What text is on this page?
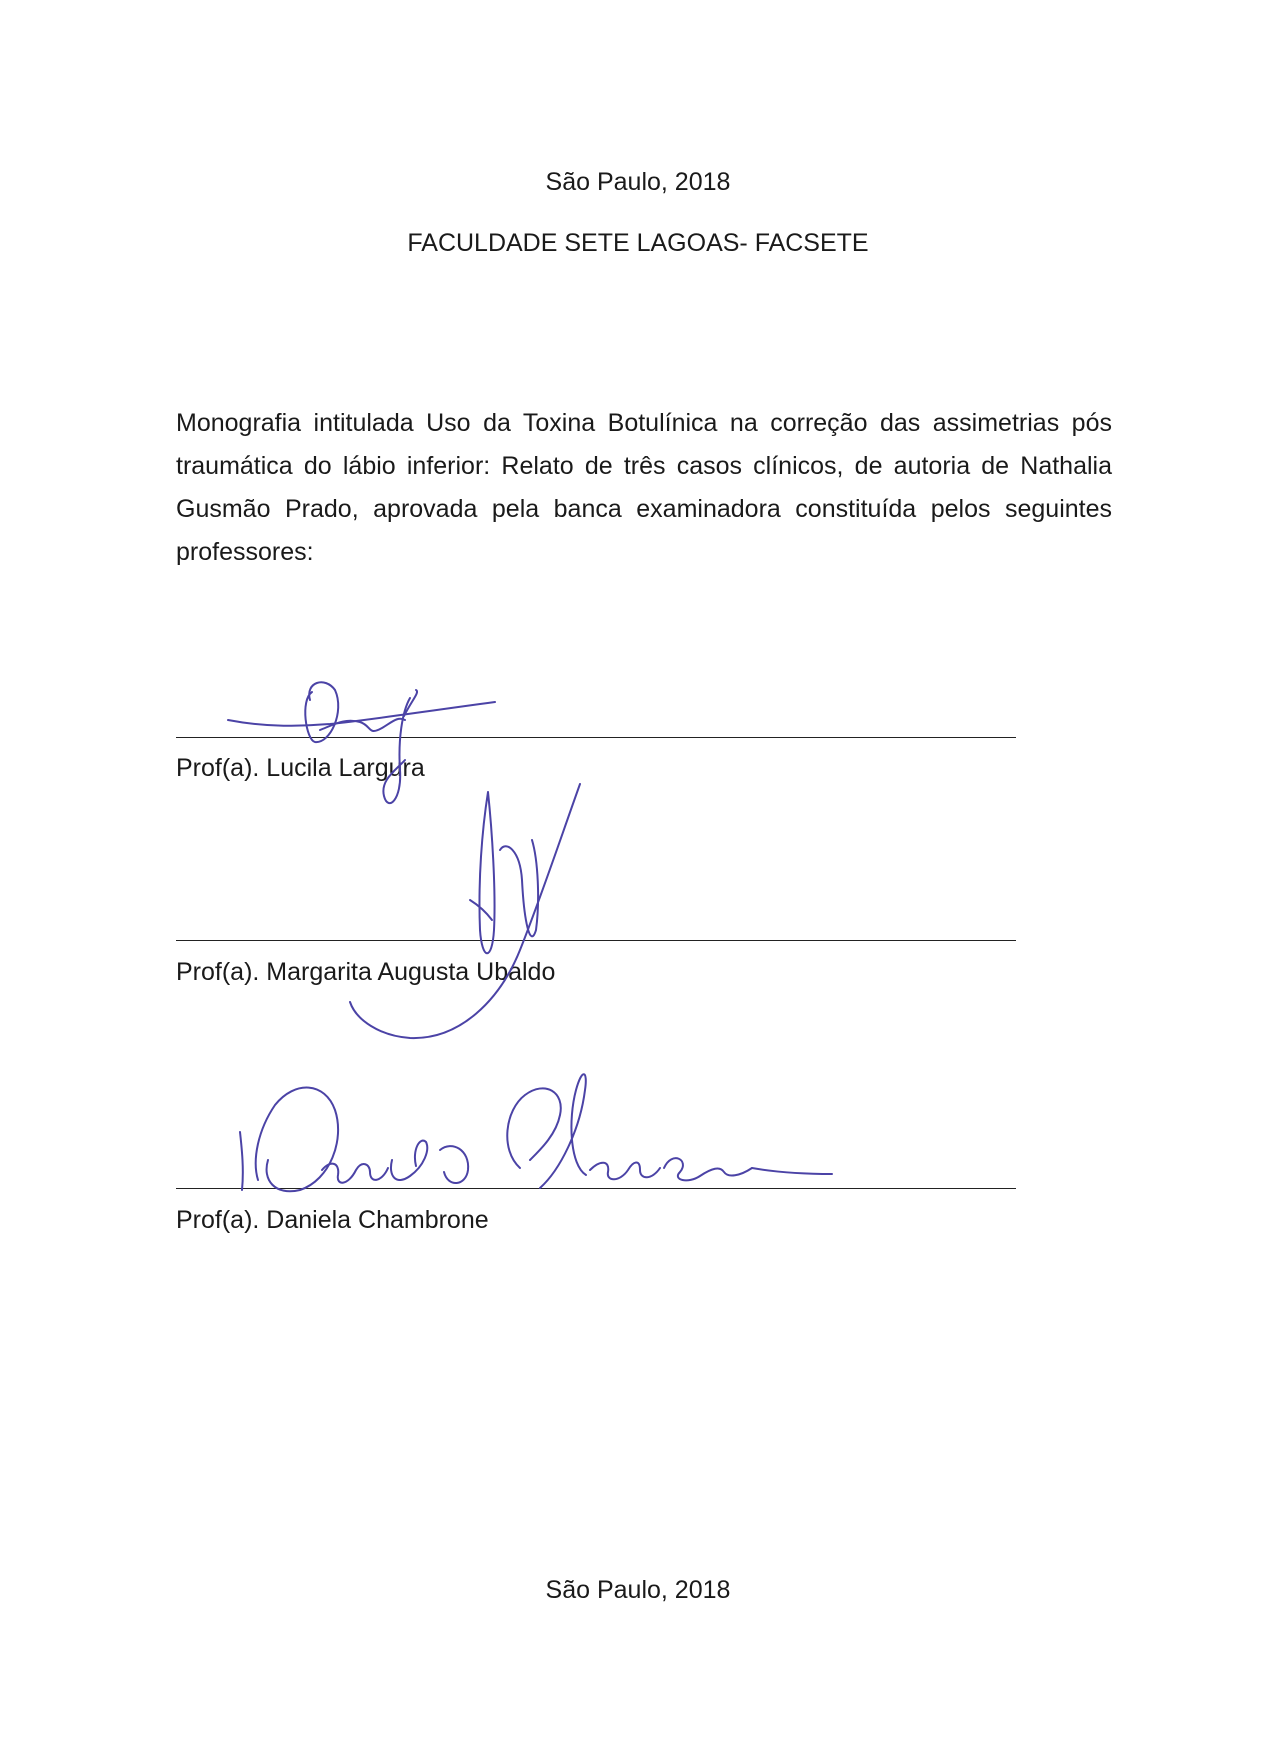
São Paulo, 2018

FACULDADE SETE LAGOAS- FACSETE

Monografia intitulada Uso da Toxina Botulínica na correção das assimetrias pós traumática do lábio inferior: Relato de três casos clínicos, de autoria de Nathalia Gusmão Prado, aprovada pela banca examinadora constituída pelos seguintes professores:

Prof(a). Lucila Largura

Prof(a). Margarita Augusta Ubaldo

Prof(a). Daniela Chambrone

São Paulo, 2018
